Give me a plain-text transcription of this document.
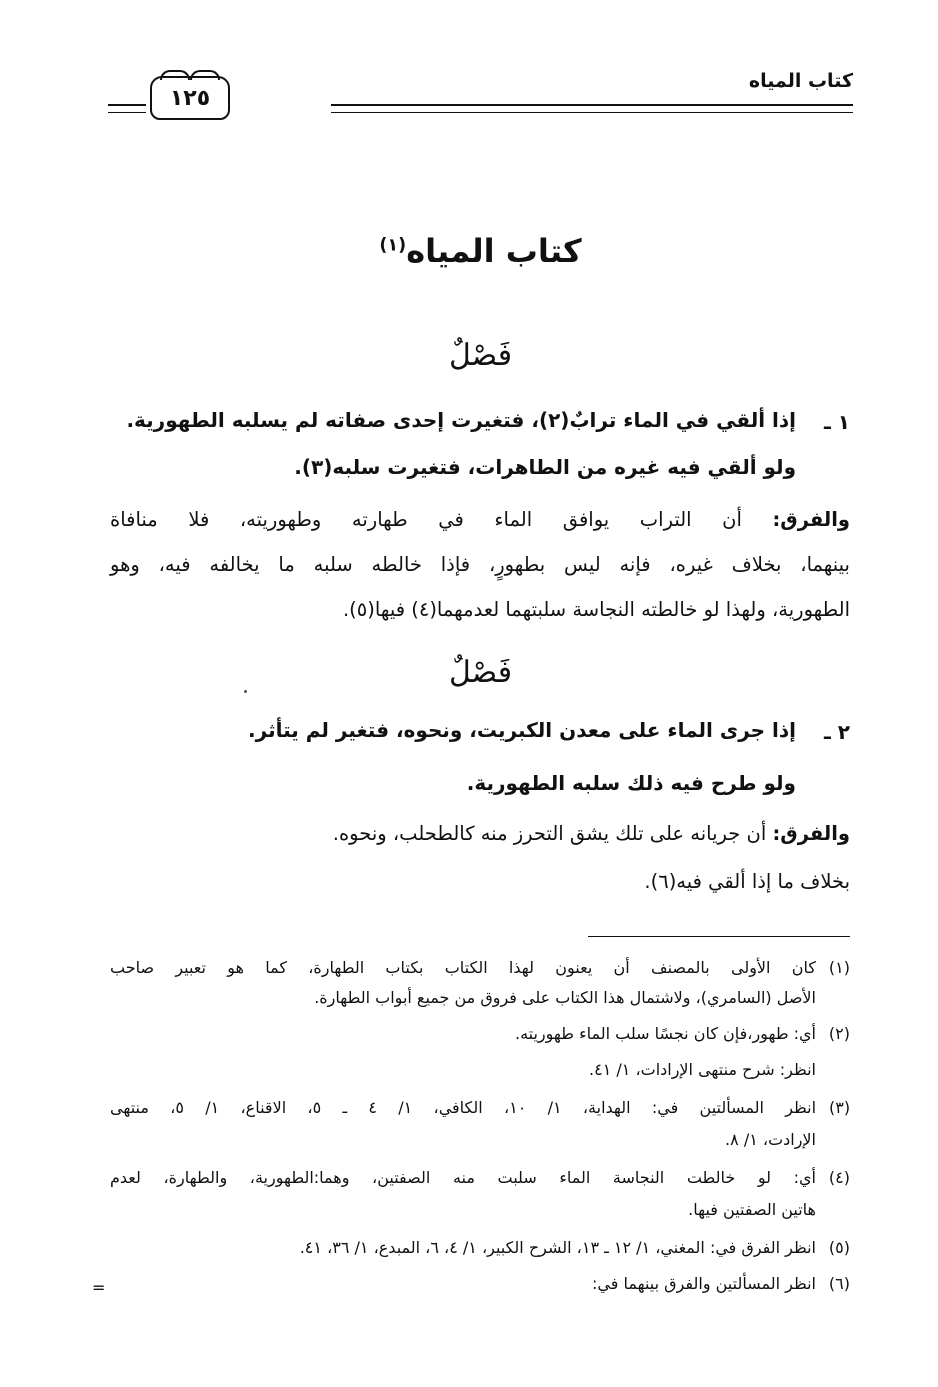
كتاب المياه
١٢٥
كتاب المياه$^{(١)}$
فَصْلٌ
١ ـ
إذا ألقي في الماء ترابٌ(٢)، فتغيرت إحدى صفاته لم يسلبه الطهورية.
ولو ألقي فيه غيره من الطاهرات، فتغيرت سلبه(٣).
والفرق: أن التراب يوافق الماء في طهارته وطهوريته، فلا منافاة
بينهما، بخلاف غيره، فإنه ليس بطهورٍ، فإذا خالطه سلبه ما يخالفه فيه، وهو
الطهورية، ولهذا لو خالطته النجاسة سلبتهما لعدمهما(٤) فيها(٥).
فَصْلٌ
٢ ـ
إذا جرى الماء على معدن الكبريت، ونحوه، فتغير لم يتأثر.
ولو طرح فيه ذلك سلبه الطهورية.
والفرق: أن جريانه على تلك يشق التحرز منه كالطحلب، ونحوه.
بخلاف ما إذا ألقي فيه(٦).
(١)كان الأولى بالمصنف أن يعنون لهذا الكتاب بكتاب الطهارة، كما هو تعبير صاحب
الأصل (السامري)، ولاشتمال هذا الكتاب على فروق من جميع أبواب الطهارة.
(٢)أي: طهور،فإن كان نجسًا سلب الماء طهوريته.
انظر: شرح منتهى الإرادات، ١/ ٤١.
(٣)انظر المسألتين في: الهداية، ١/ ١٠، الكافي، ١/ ٤ ـ ٥، الاقناع، ١/ ٥، منتهى
الإرادت، ١/ ٨.
(٤)أي: لو خالطت النجاسة الماء سلبت منه الصفتين، وهما:الطهورية، والطهارة، لعدم
هاتين الصفتين فيها.
(٥)انظر الفرق في: المغني، ١/ ١٢ ـ ١٣، الشرح الكبير، ١/ ٤، ٦، المبدع، ١/ ٣٦، ٤١.
(٦)انظر المسألتين والفرق بينهما في:
=
